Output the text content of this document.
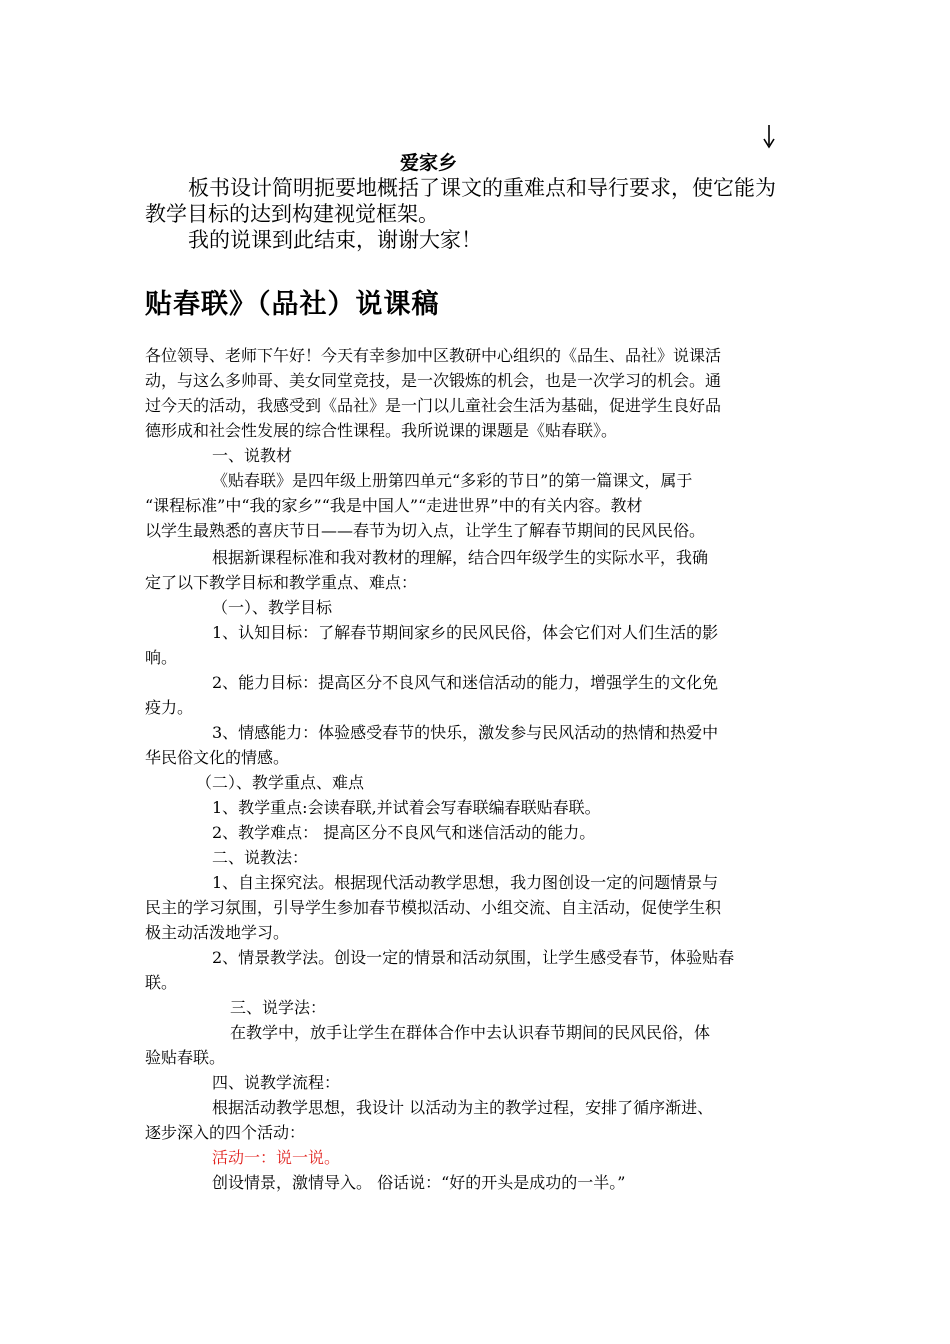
爱家乡
板书设计简明扼要地概括了课文的重难点和导行要求，使它能为
教学目标的达到构建视觉框架。
我的说课到此结束，谢谢大家！
贴春联》（品社）说课稿
各位领导、老师下午好！今天有幸参加中区教研中心组织的《品生、品社》说课活
动，与这么多帅哥、美女同堂竞技，是一次锻炼的机会，也是一次学习的机会。通
过今天的活动，我感受到《品社》是一门以儿童社会生活为基础，促进学生良好品
德形成和社会性发展的综合性课程。我所说课的课题是《贴春联》。
一、说教材
《贴春联》是四年级上册第四单元“多彩的节日”的第一篇课文，属于
“课程标准”中“我的家乡”“我是中国人”“走进世界”中的有关内容。教材
以学生最熟悉的喜庆节日——春节为切入点，让学生了解春节期间的民风民俗。
根据新课程标准和我对教材的理解，结合四年级学生的实际水平，我确
定了以下教学目标和教学重点、难点：
（一）、教学目标
1、认知目标：了解春节期间家乡的民风民俗，体会它们对人们生活的影
响。
2、能力目标：提高区分不良风气和迷信活动的能力，增强学生的文化免
疫力。
3、情感能力：体验感受春节的快乐，激发参与民风活动的热情和热爱中
华民俗文化的情感。
（二）、教学重点、难点
1、教学重点:会读春联,并试着会写春联编春联贴春联。
2、教学难点： 提高区分不良风气和迷信活动的能力。
二、说教法：
1、自主探究法。根据现代活动教学思想，我力图创设一定的问题情景与
民主的学习氛围，引导学生参加春节模拟活动、小组交流、自主活动，促使学生积
极主动活泼地学习。
2、情景教学法。创设一定的情景和活动氛围，让学生感受春节，体验贴春
联。
三、说学法：
在教学中，放手让学生在群体合作中去认识春节期间的民风民俗，体
验贴春联。
四、说教学流程：
根据活动教学思想，我设计 以活动为主的教学过程，安排了循序渐进、
逐步深入的四个活动：
活动一：说一说。
创设情景，激情导入。 俗话说：“好的开头是成功的一半。”
